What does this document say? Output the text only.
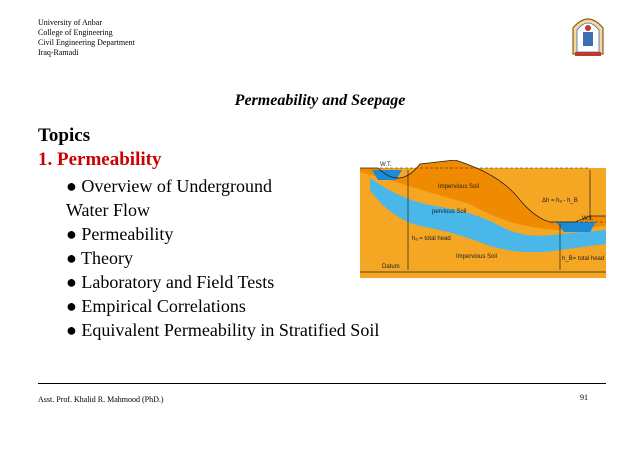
University of Anbar
College of Engineering
Civil Engineering Department
Iraq-Ramadi
Permeability and Seepage
Topics
1. Permeability
● Overview of Underground
Water Flow
● Permeability
● Theory
● Laboratory and Field Tests
● Empirical Correlations
● Equivalent Permeability in Stratified Soil
W.T.
W.T.
Impervious Soil
pervious Soil
Δh = hₐ - h_B
hₐ = total head
Impervious Soil	h_B= total head
Datum
Asst. Prof. Khalid R. Mahmood (PhD.)	91
